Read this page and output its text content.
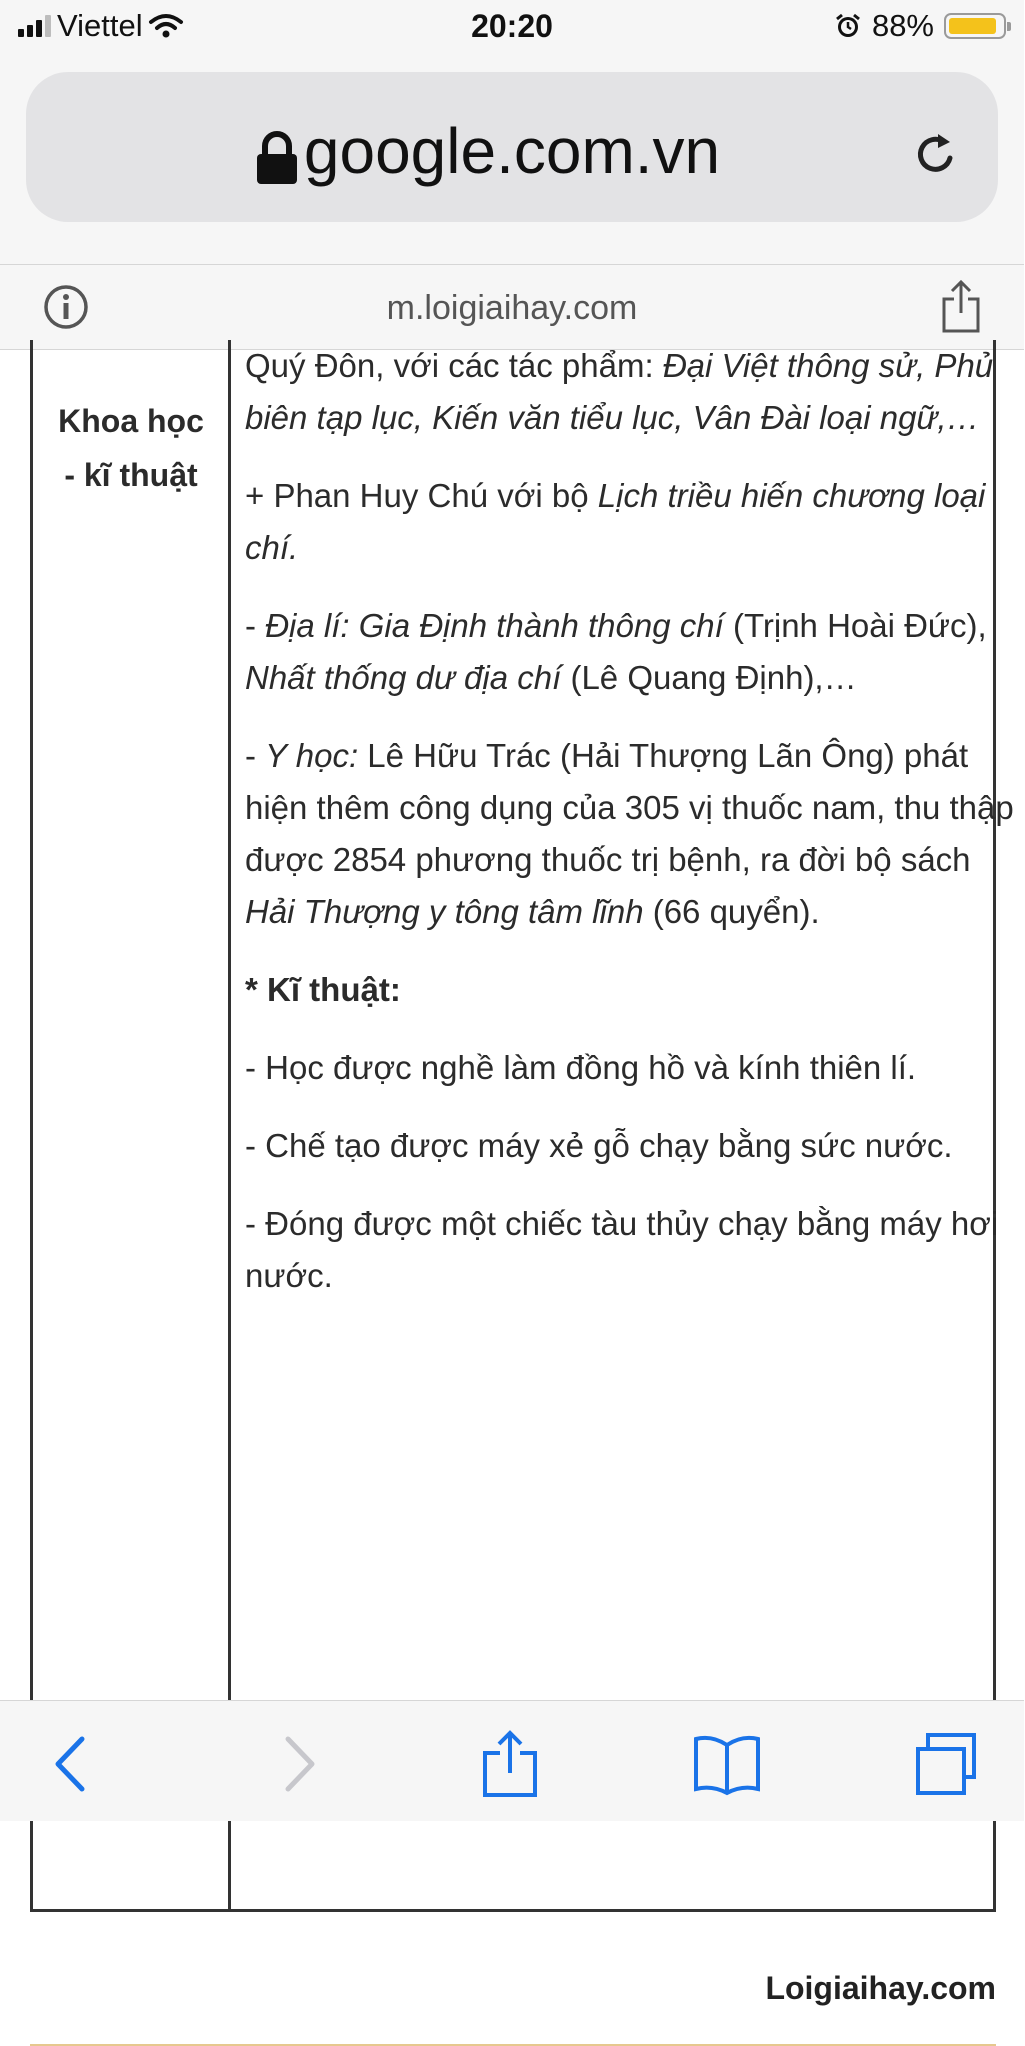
Viettel	20:20	88%
google.com.vn
m.loigiaihay.com
Khoa học
- kĩ thuật

Quý Đôn, với các tác phẩm: Đại Việt thông sử, Phủ biên tạp lục, Kiến văn tiểu lục, Vân Đài loại ngữ,…

+ Phan Huy Chú với bộ Lịch triều hiến chương loại chí.

- Địa lí: Gia Định thành thông chí (Trịnh Hoài Đức), Nhất thống dư địa chí (Lê Quang Định),…

- Y học: Lê Hữu Trác (Hải Thượng Lãn Ông) phát hiện thêm công dụng của 305 vị thuốc nam, thu thập được 2854 phương thuốc trị bệnh, ra đời bộ sách Hải Thượng y tông tâm lĩnh (66 quyển).

* Kĩ thuật:

- Học được nghề làm đồng hồ và kính thiên lí.

- Chế tạo được máy xẻ gỗ chạy bằng sức nước.

- Đóng được một chiếc tàu thủy chạy bằng máy hơi nước.

Loigiaihay.com
